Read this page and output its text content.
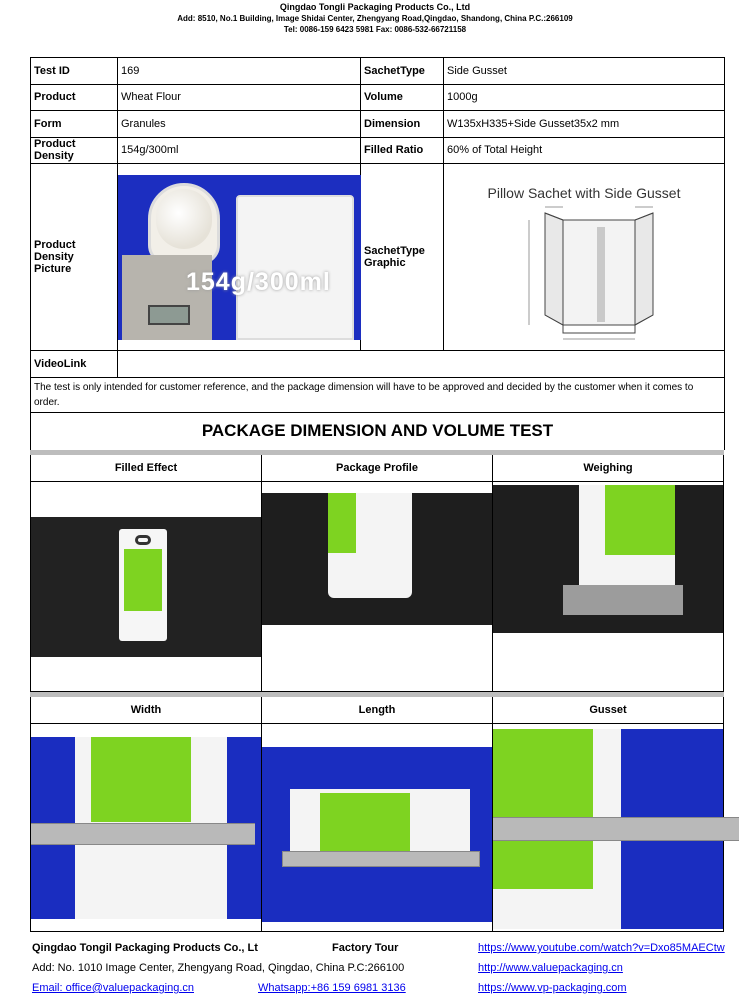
Qingdao Tongli Packaging Products Co., Ltd
Add: 8510, No.1 Building, Image Shidai Center, Zhengyang Road,Qingdao, Shandong, China P.C.:266109
Tel: 0086-159 6423 5981 Fax: 0086-532-66721158
Test ID	169	SachetType	Side Gusset
Product	Wheat Flour	Volume	1000g
Form	Granules	Dimension	W135xH335+Side Gusset35x2 mm
Product Density	154g/300ml	Filled Ratio	60% of Total Height
Product Density Picture	154g/300ml	SachetType Graphic	Pillow Sachet with Side Gusset

VideoLink			
The test is only intended for customer reference, and the package dimension will have to be approved and decided by the customer when it comes to order.			
PACKAGE DIMENSION AND VOLUME TEST			
Filled Effect	Package Profile	Weighing
Width	Length	Gusset
Qingdao Tongil Packaging Products Co., Lt	Factory Tour	https://www.youtube.com/watch?v=Dxo85MAECtw
Add: No. 1010 Image Center, Zhengyang Road, Qingdao, China P.C:266100	http://www.valuepackaging.cn
Email: office@valuepackaging.cn	Whatsapp:+86 159 6981 3136	https://www.vp-packaging.com
